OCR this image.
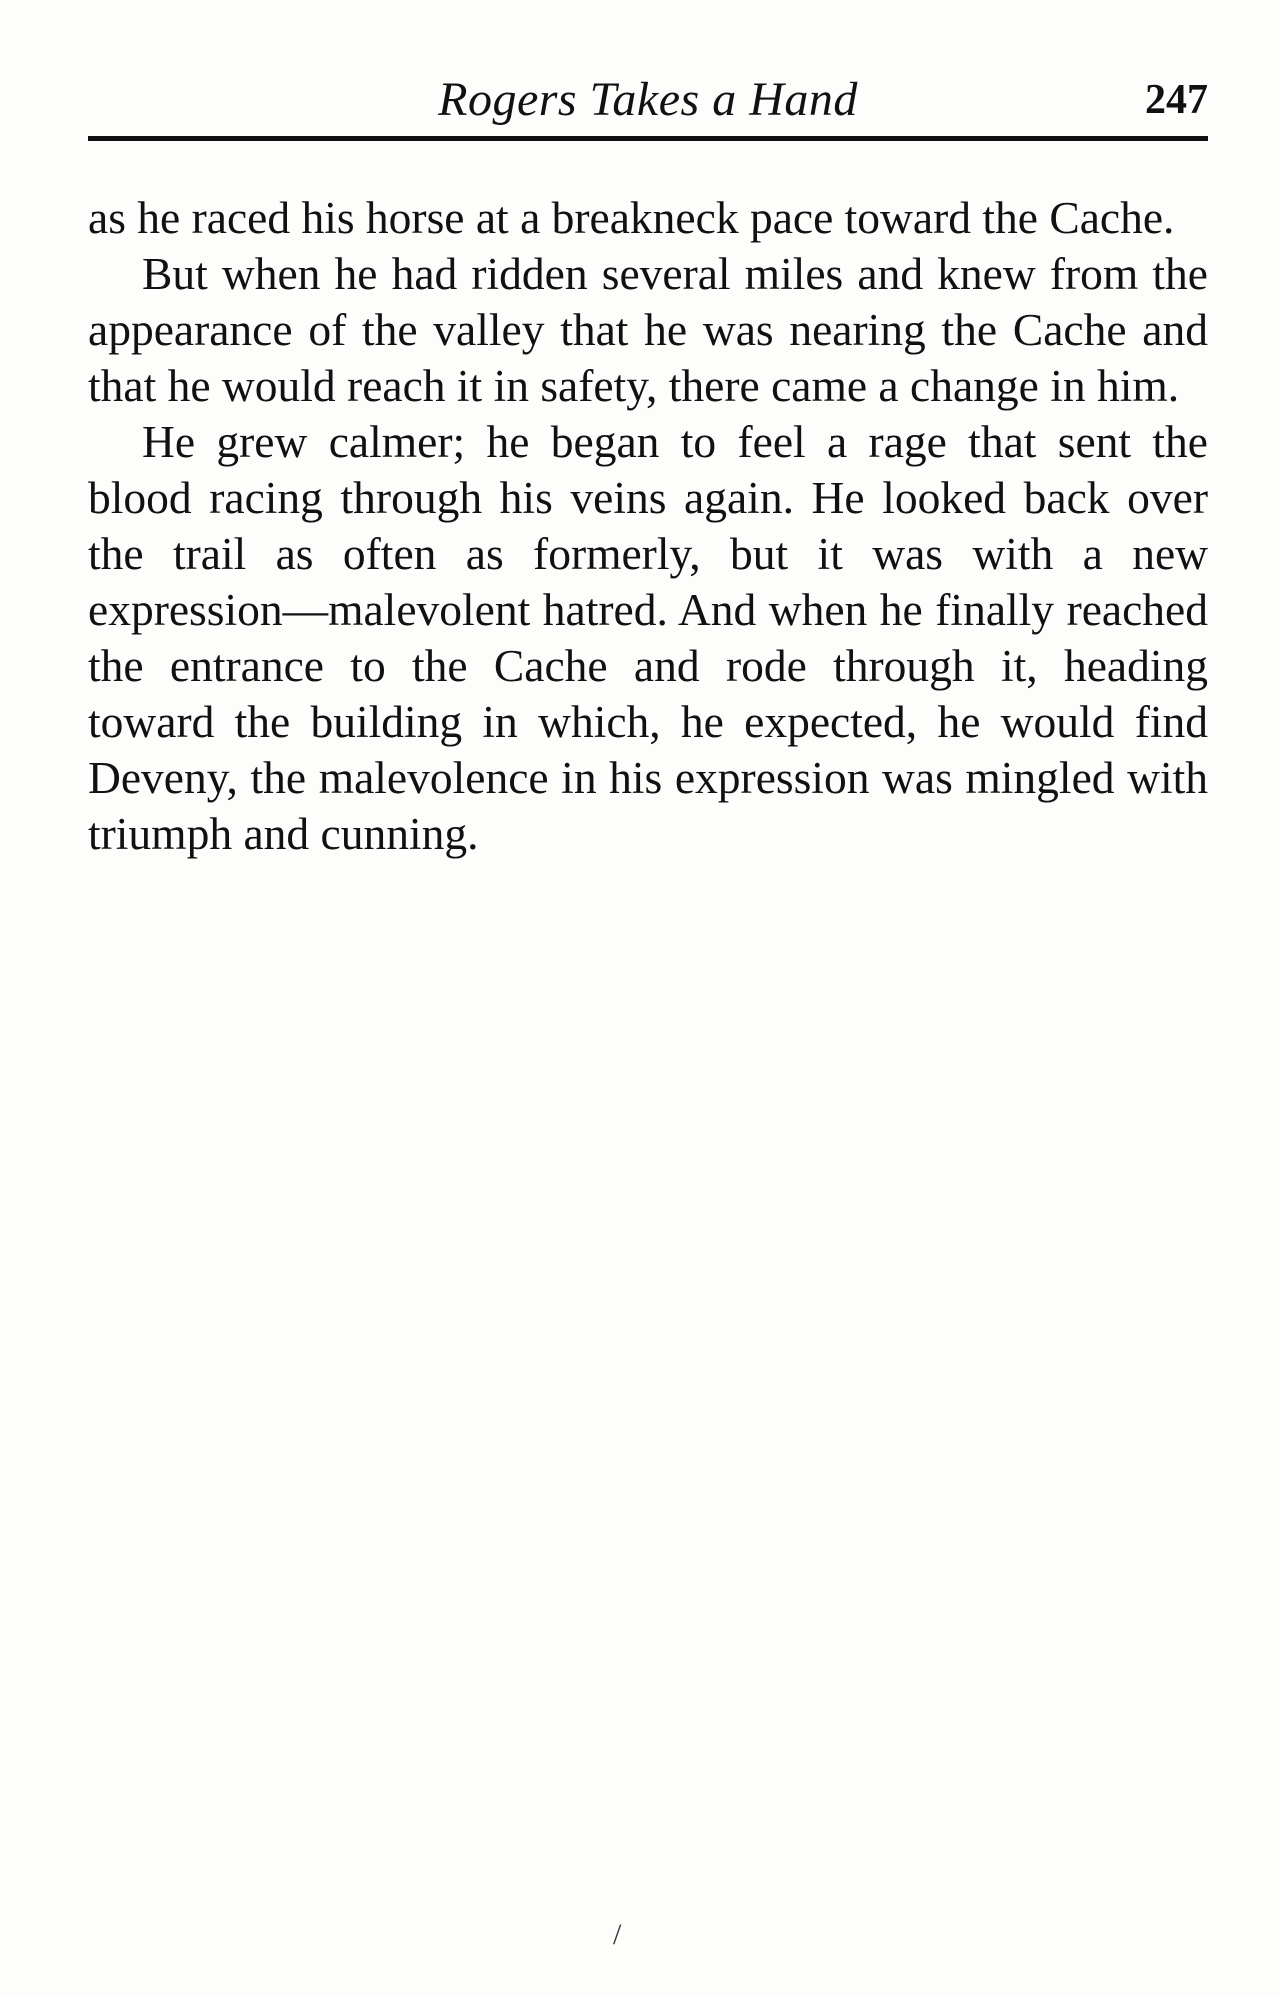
Rogers Takes a Hand	247

as he raced his horse at a breakneck pace toward the Cache.

But when he had ridden several miles and knew from the appearance of the valley that he was nearing the Cache and that he would reach it in safety, there came a change in him.

He grew calmer; he began to feel a rage that sent the blood racing through his veins again. He looked back over the trail as often as formerly, but it was with a new expression—malevolent hatred. And when he finally reached the entrance to the Cache and rode through it, heading toward the building in which, he expected, he would find Deveny, the malevolence in his expression was mingled with triumph and cunning.

/
